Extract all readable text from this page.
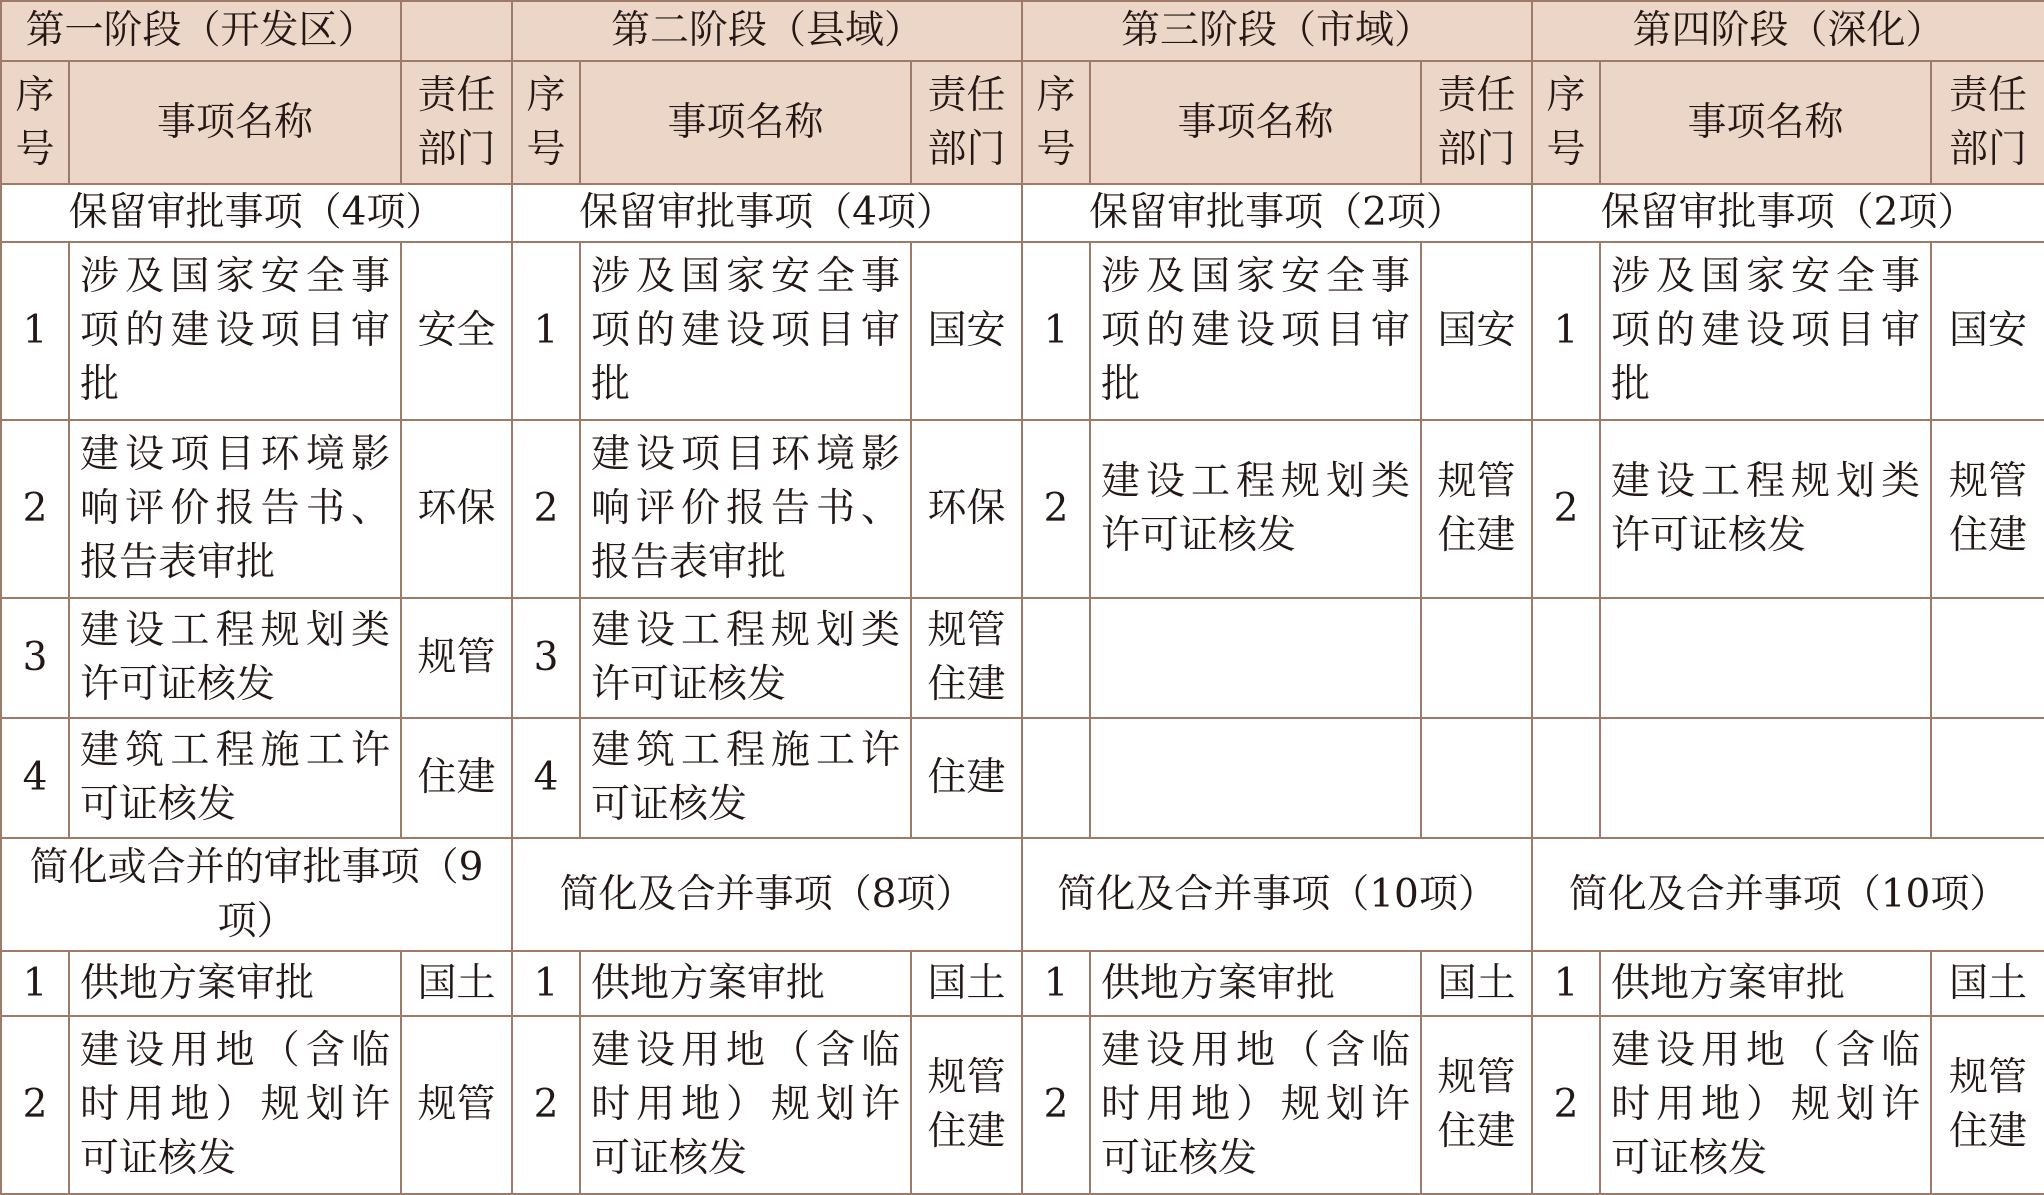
第一阶段（开发区）			第二阶段（县域）			第三阶段（市域）			第四阶段（深化）		
序号	事项名称	责任部门	序号	事项名称	责任部门	序号	事项名称	责任部门	序号	事项名称	责任部门
保留审批事项（4项）			保留审批事项（4项）			保留审批事项（2项）			保留审批事项（2项）		
1	涉及国家安全事项的建设项目审批	安全	1	涉及国家安全事项的建设项目审批	国安	1	涉及国家安全事项的建设项目审批	国安	1	涉及国家安全事项的建设项目审批	国安
2	建设项目环境影响评价报告书、报告表审批	环保	2	建设项目环境影响评价报告书、报告表审批	环保	2	建设工程规划类许可证核发	规管住建	2	建设工程规划类许可证核发	规管住建
3	建设工程规划类许可证核发	规管	3	建设工程规划类许可证核发	规管住建						
4	建筑工程施工许可证核发	住建	4	建筑工程施工许可证核发	住建						
简化或合并的审批事项（9项）			简化及合并事项（8项）			简化及合并事项（10项）			简化及合并事项（10项）		
1	供地方案审批	国土	1	供地方案审批	国土	1	供地方案审批	国土	1	供地方案审批	国土
2	建设用地（含临时用地）规划许可证核发	规管	2	建设用地（含临时用地）规划许可证核发	规管住建	2	建设用地（含临时用地）规划许可证核发	规管住建	2	建设用地（含临时用地）规划许可证核发	规管住建
